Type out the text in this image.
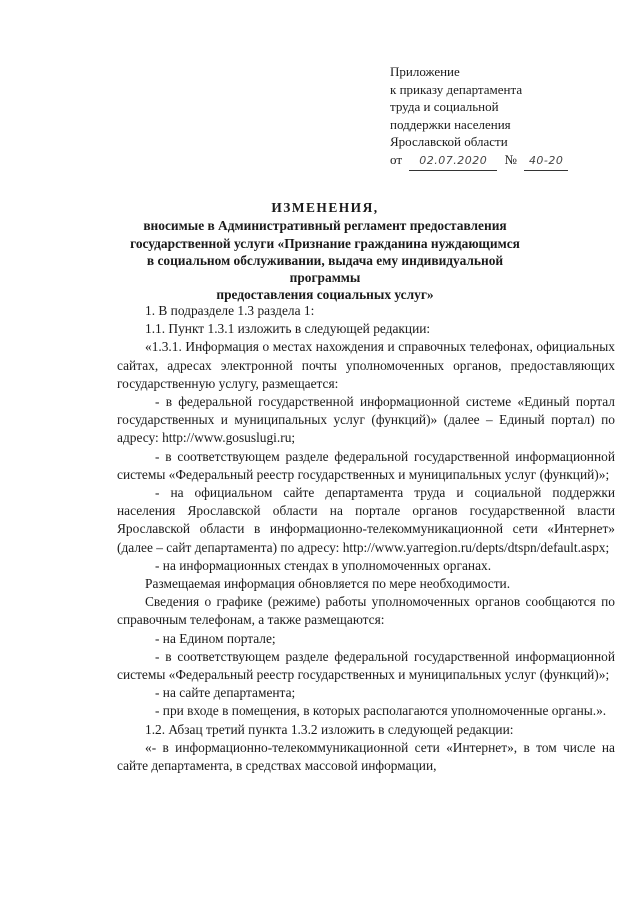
Приложение
к приказу департамента
труда и социальной
поддержки населения
Ярославской области
от 02.07.2020 № 40-20
ИЗМЕНЕНИЯ,
вносимые в Административный регламент предоставления
государственной услуги «Признание гражданина нуждающимся
в социальном обслуживании, выдача ему индивидуальной программы
предоставления социальных услуг»

1. В подразделе 1.3 раздела 1:

1.1. Пункт 1.3.1 изложить в следующей редакции:

«1.3.1. Информация о местах нахождения и справочных телефонах, официальных сайтах, адресах электронной почты уполномоченных органов, предоставляющих государственную услугу, размещается:

- в федеральной государственной информационной системе «Единый портал государственных и муниципальных услуг (функций)» (далее – Единый портал) по адресу: http://www.gosuslugi.ru;

- в соответствующем разделе федеральной государственной информационной системы «Федеральный реестр государственных и муниципальных услуг (функций)»;

- на официальном сайте департамента труда и социальной поддержки населения Ярославской области на портале органов государственной власти Ярославской области в информационно-телекоммуникационной сети «Интернет» (далее – сайт департамента) по адресу: http://www.yarregion.ru/depts/dtspn/default.aspx;

- на информационных стендах в уполномоченных органах.

Размещаемая информация обновляется по мере необходимости.

Сведения о графике (режиме) работы уполномоченных органов сообщаются по справочным телефонам, а также размещаются:

- на Едином портале;

- в соответствующем разделе федеральной государственной информационной системы «Федеральный реестр государственных и муниципальных услуг (функций)»;

- на сайте департамента;

- при входе в помещения, в которых располагаются уполномоченные органы.».

1.2. Абзац третий пункта 1.3.2 изложить в следующей редакции:

«- в информационно-телекоммуникационной сети «Интернет», в том числе на сайте департамента, в средствах массовой информации,
